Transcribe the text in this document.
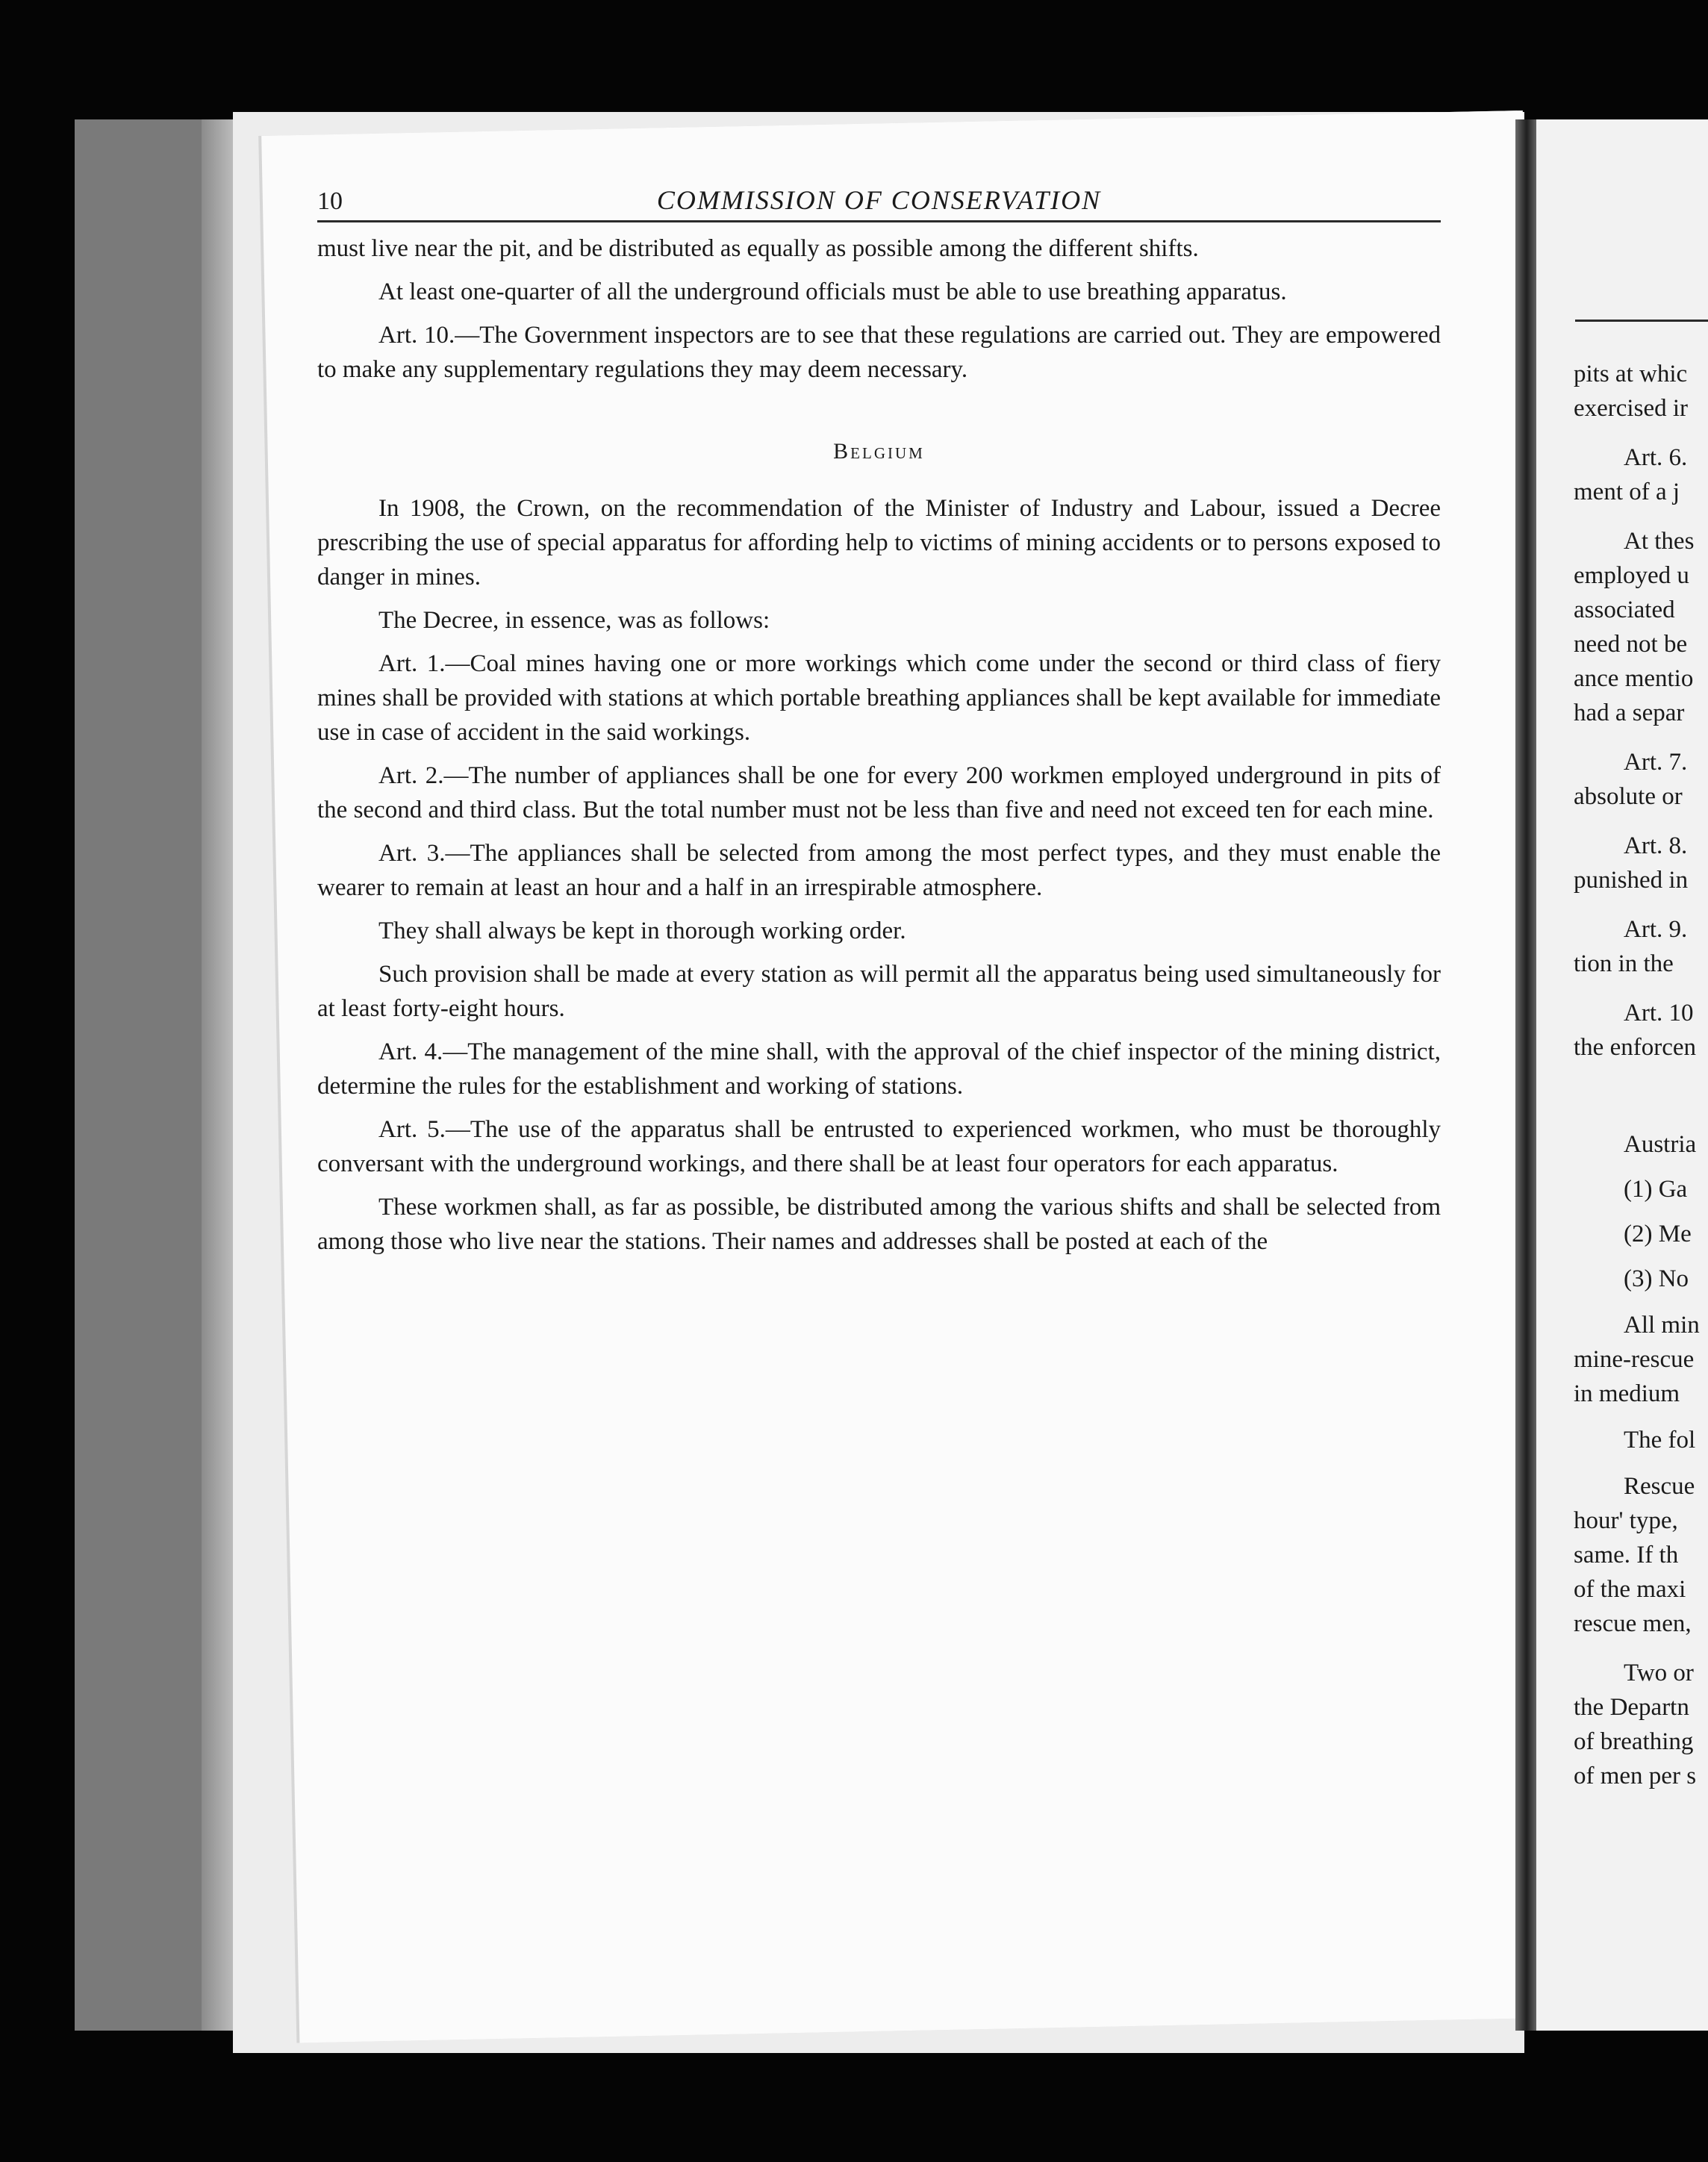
10	COMMISSION OF CONSERVATION

must live near the pit, and be distributed as equally as possible among the different shifts.

At least one-quarter of all the underground officials must be able to use breathing apparatus.

Art. 10.—The Government inspectors are to see that these regulations are carried out. They are empowered to make any supplementary regulations they may deem necessary.

Belgium

In 1908, the Crown, on the recommendation of the Minister of Industry and Labour, issued a Decree prescribing the use of special apparatus for affording help to victims of mining accidents or to persons exposed to danger in mines.

The Decree, in essence, was as follows:

Art. 1.—Coal mines having one or more workings which come under the second or third class of fiery mines shall be provided with stations at which portable breathing appliances shall be kept available for immediate use in case of accident in the said workings.

Art. 2.—The number of appliances shall be one for every 200 workmen employed underground in pits of the second and third class. But the total number must not be less than five and need not exceed ten for each mine.

Art. 3.—The appliances shall be selected from among the most perfect types, and they must enable the wearer to remain at least an hour and a half in an irrespirable atmosphere.

They shall always be kept in thorough working order.

Such provision shall be made at every station as will permit all the apparatus being used simultaneously for at least forty-eight hours.

Art. 4.—The management of the mine shall, with the approval of the chief inspector of the mining district, determine the rules for the establishment and working of stations.

Art. 5.—The use of the apparatus shall be entrusted to experienced workmen, who must be thoroughly conversant with the underground workings, and there shall be at least four operators for each apparatus.

These workmen shall, as far as possible, be distributed among the various shifts and shall be selected from among those who live near the stations. Their names and addresses shall be posted at each of the

pits at whic
exercised ir
Art. 6.
ment of a j
At thes
employed u
associated
need not be
ance mentio
had a separ
Art. 7.
absolute or
Art. 8.
punished in
Art. 9.
tion in the
Art. 10
the enforcen
Austria
(1) Ga
(2) Me
(3) No
All min
mine-rescue
in medium
The fol
Rescue
hour' type,
same. If th
of the maxi
rescue men,
Two or
the Departn
of breathing
of men per s
